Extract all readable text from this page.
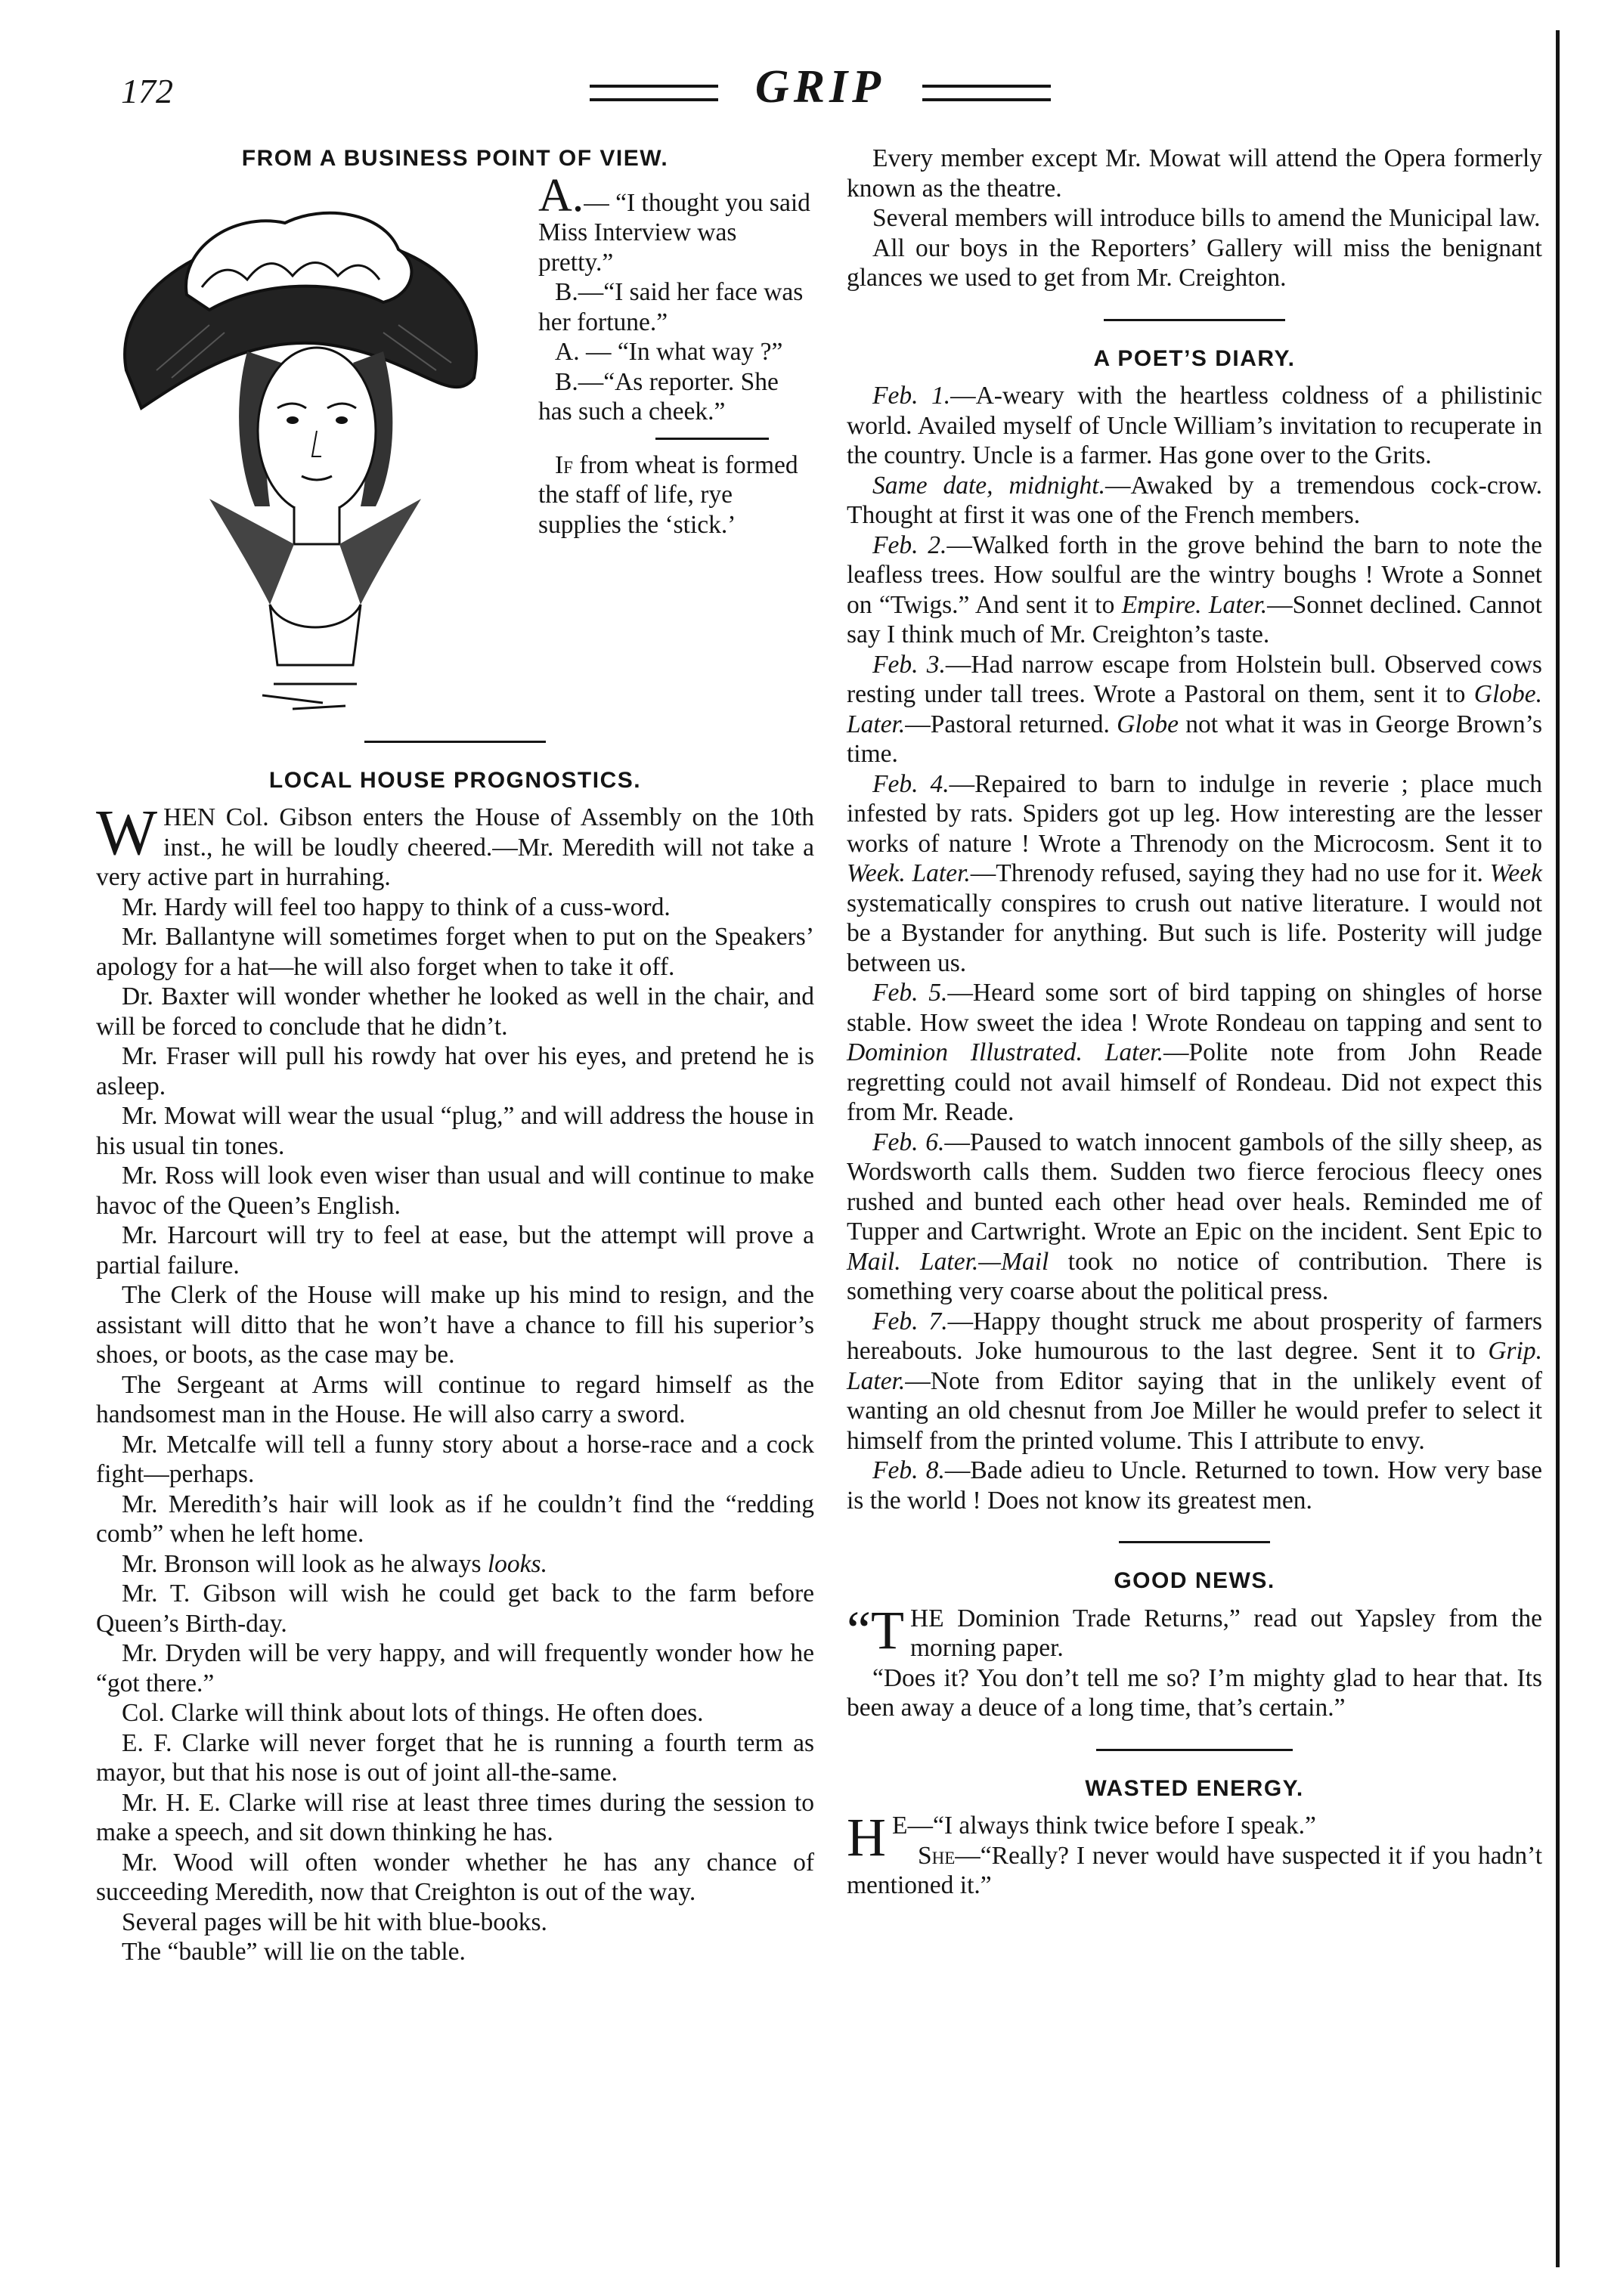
172	GRIP
FROM A BUSINESS POINT OF VIEW.

A.— “I thought you said Miss Interview was pretty.”

B.—“I said her face was her fortune.”

A. — “In what way ?”

B.—“As reporter. She has such a cheek.”

If from wheat is formed the staff of life, rye supplies the ‘stick.’

LOCAL HOUSE PROGNOSTICS.

WHEN Col. Gibson enters the House of Assembly on the 10th inst., he will be loudly cheered.—Mr. Meredith will not take a very active part in hurrahing.

Mr. Hardy will feel too happy to think of a cuss-word.

Mr. Ballantyne will sometimes forget when to put on the Speakers’ apology for a hat—he will also forget when to take it off.

Dr. Baxter will wonder whether he looked as well in the chair, and will be forced to conclude that he didn’t.

Mr. Fraser will pull his rowdy hat over his eyes, and pretend he is asleep.

Mr. Mowat will wear the usual “plug,” and will address the house in his usual tin tones.

Mr. Ross will look even wiser than usual and will continue to make havoc of the Queen’s English.

Mr. Harcourt will try to feel at ease, but the attempt will prove a partial failure.

The Clerk of the House will make up his mind to resign, and the assistant will ditto that he won’t have a chance to fill his superior’s shoes, or boots, as the case may be.

The Sergeant at Arms will continue to regard himself as the handsomest man in the House. He will also carry a sword.

Mr. Metcalfe will tell a funny story about a horse-race and a cock fight—perhaps.

Mr. Meredith’s hair will look as if he couldn’t find the “redding comb” when he left home.

Mr. Bronson will look as he always looks.

Mr. T. Gibson will wish he could get back to the farm before Queen’s Birth-day.

Mr. Dryden will be very happy, and will frequently wonder how he “got there.”

Col. Clarke will think about lots of things. He often does.

E. F. Clarke will never forget that he is running a fourth term as mayor, but that his nose is out of joint all-the-same.

Mr. H. E. Clarke will rise at least three times during the session to make a speech, and sit down thinking he has.

Mr. Wood will often wonder whether he has any chance of succeeding Meredith, now that Creighton is out of the way.

Several pages will be hit with blue-books.

The “bauble” will lie on the table.

Every member except Mr. Mowat will attend the Opera formerly known as the theatre.

Several members will introduce bills to amend the Municipal law.

All our boys in the Reporters’ Gallery will miss the benignant glances we used to get from Mr. Creighton.

A POET’S DIARY.

Feb. 1.—A-weary with the heartless coldness of a philistinic world. Availed myself of Uncle William’s invitation to recuperate in the country. Uncle is a farmer. Has gone over to the Grits.

Same date, midnight.—Awaked by a tremendous cock-crow. Thought at first it was one of the French members.

Feb. 2.—Walked forth in the grove behind the barn to note the leafless trees. How soulful are the wintry boughs ! Wrote a Sonnet on “Twigs.” And sent it to Empire. Later.—Sonnet declined. Cannot say I think much of Mr. Creighton’s taste.

Feb. 3.—Had narrow escape from Holstein bull. Observed cows resting under tall trees. Wrote a Pastoral on them, sent it to Globe. Later.—Pastoral returned. Globe not what it was in George Brown’s time.

Feb. 4.—Repaired to barn to indulge in reverie ; place much infested by rats. Spiders got up leg. How interesting are the lesser works of nature ! Wrote a Threnody on the Microcosm. Sent it to Week. Later.—Threnody refused, saying they had no use for it. Week systematically conspires to crush out native literature. I would not be a Bystander for anything. But such is life. Posterity will judge between us.

Feb. 5.—Heard some sort of bird tapping on shingles of horse stable. How sweet the idea ! Wrote Rondeau on tapping and sent to Dominion Illustrated. Later.—Polite note from John Reade regretting could not avail himself of Rondeau. Did not expect this from Mr. Reade.

Feb. 6.—Paused to watch innocent gambols of the silly sheep, as Wordsworth calls them. Sudden two fierce ferocious fleecy ones rushed and bunted each other head over heals. Reminded me of Tupper and Cartwright. Wrote an Epic on the incident. Sent Epic to Mail. Later.—Mail took no notice of contribution. There is something very coarse about the political press.

Feb. 7.—Happy thought struck me about prosperity of farmers hereabouts. Joke humourous to the last degree. Sent it to Grip. Later.—Note from Editor saying that in the unlikely event of wanting an old chesnut from Joe Miller he would prefer to select it himself from the printed volume. This I attribute to envy.

Feb. 8.—Bade adieu to Uncle. Returned to town. How very base is the world ! Does not know its greatest men.

GOOD NEWS.

“THE Dominion Trade Returns,” read out Yapsley from the morning paper.

“Does it? You don’t tell me so? I’m mighty glad to hear that. Its been away a deuce of a long time, that’s certain.”

WASTED ENERGY.

H E—“I always think twice before I speak.”

She—“Really? I never would have suspected it if you hadn’t mentioned it.”
